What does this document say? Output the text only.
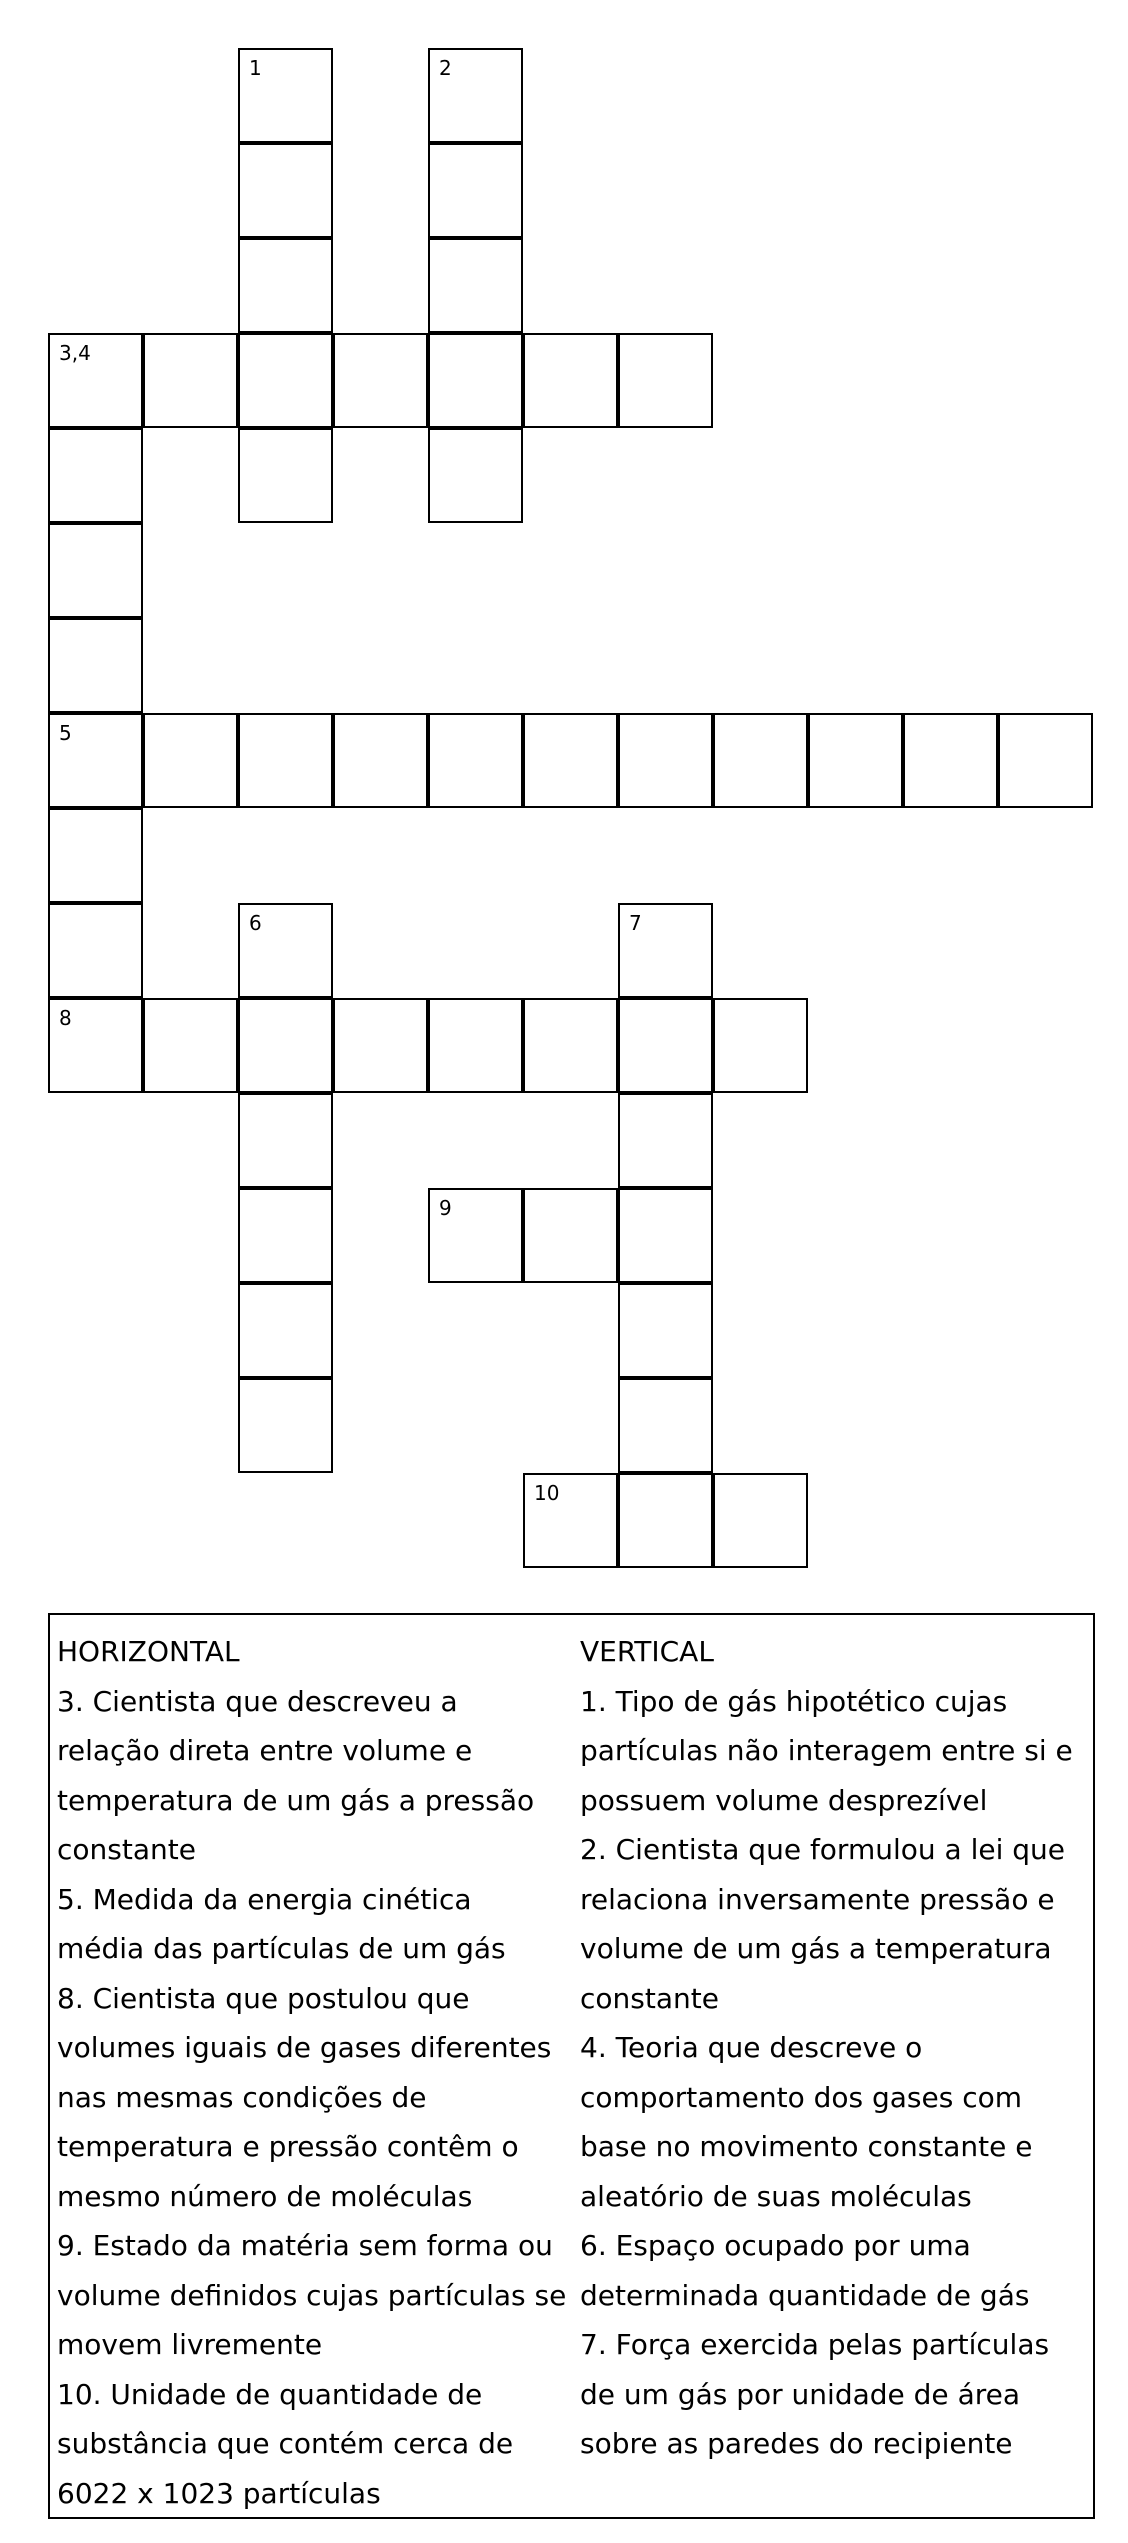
1	2
3,4
5
6	7
8
9
10

HORIZONTAL

3. Cientista que descreveu a relação direta entre volume e temperatura de um gás a pressão constante

5. Medida da energia cinética média das partículas de um gás

8. Cientista que postulou que volumes iguais de gases diferentes nas mesmas condições de temperatura e pressão contêm o mesmo número de moléculas

9. Estado da matéria sem forma ou volume definidos cujas partículas se movem livremente

10. Unidade de quantidade de substância que contém cerca de 6022 x 1023 partículas

VERTICAL

1. Tipo de gás hipotético cujas partículas não interagem entre si e possuem volume desprezível

2. Cientista que formulou a lei que relaciona inversamente pressão e volume de um gás a temperatura constante

4. Teoria que descreve o comportamento dos gases com base no movimento constante e aleatório de suas moléculas

6. Espaço ocupado por uma determinada quantidade de gás

7. Força exercida pelas partículas de um gás por unidade de área sobre as paredes do recipiente
